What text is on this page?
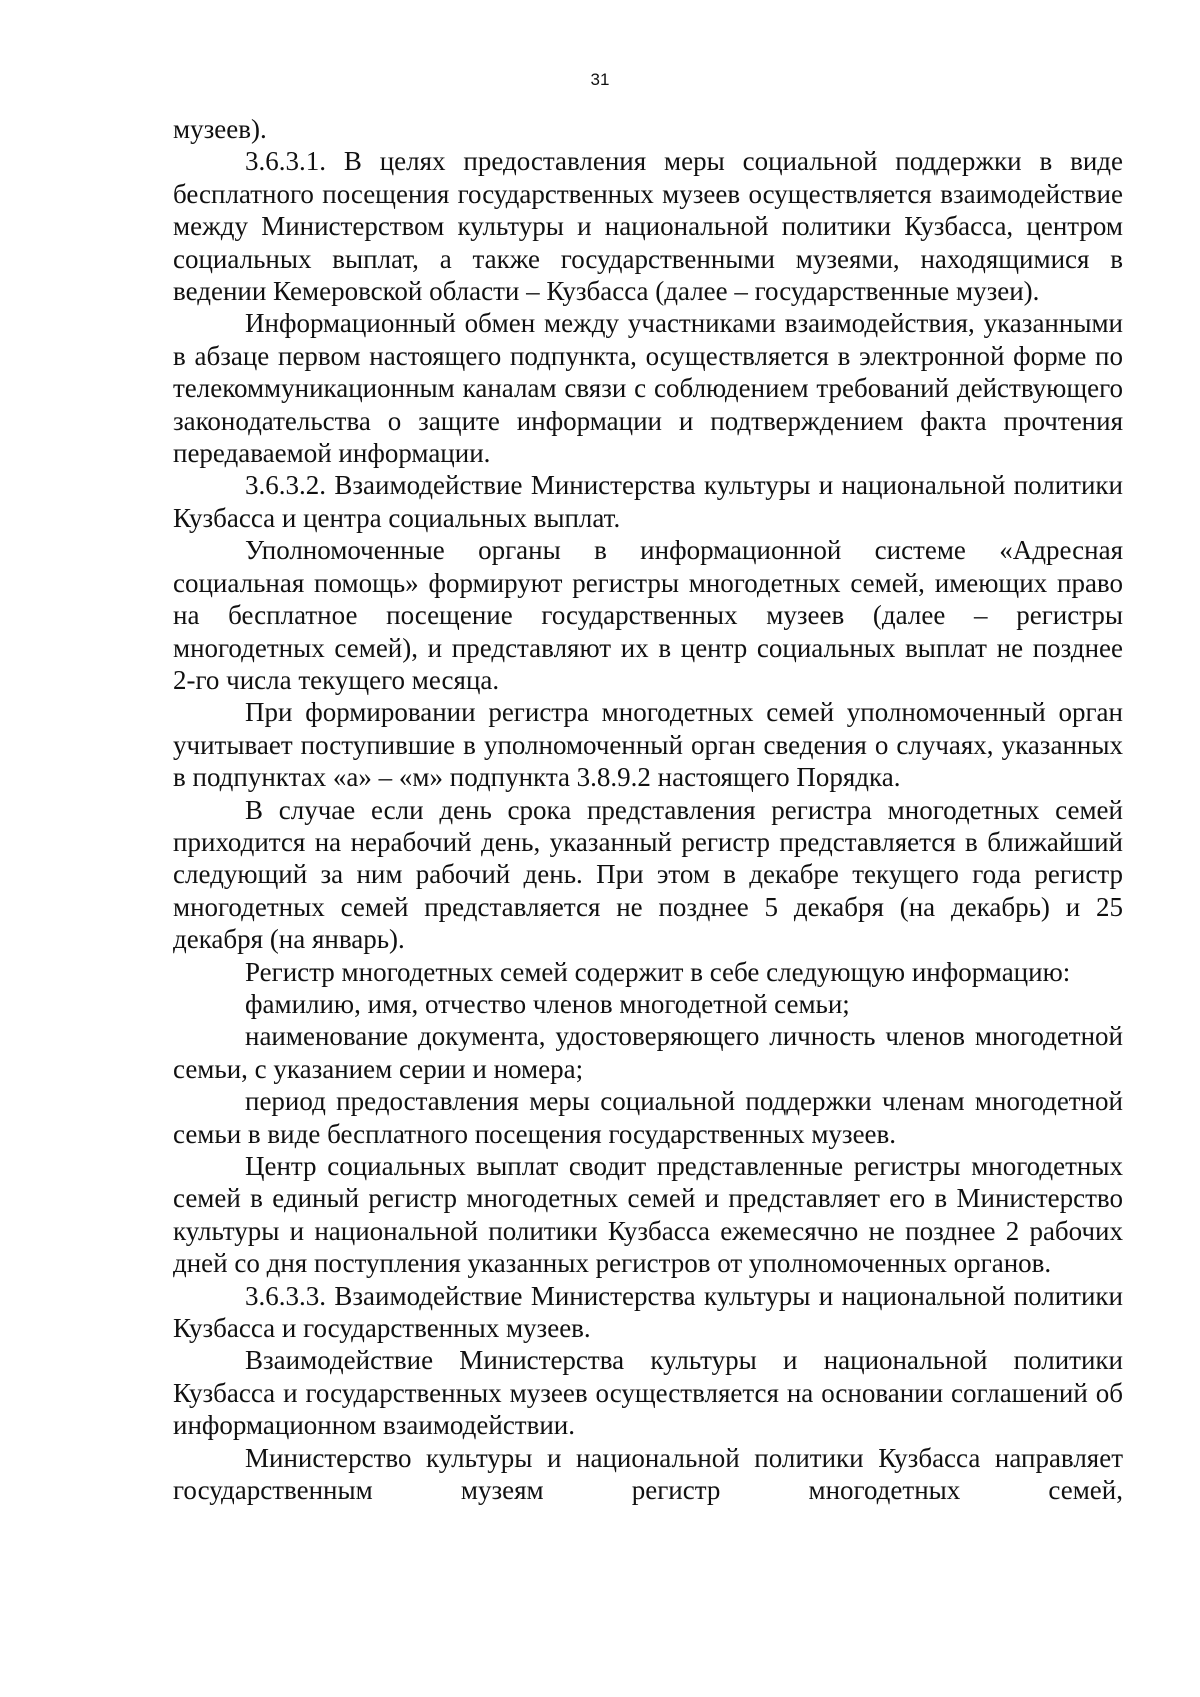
31

музеев).

3.6.3.1. В целях предоставления меры социальной поддержки в виде бесплатного посещения государственных музеев осуществляется взаимодействие между Министерством культуры и национальной политики Кузбасса, центром социальных выплат, а также государственными музеями, находящимися в ведении Кемеровской области – Кузбасса (далее – государственные музеи).

Информационный обмен между участниками взаимодействия, указанными в абзаце первом настоящего подпункта, осуществляется в электронной форме по телекоммуникационным каналам связи с соблюдением требований действующего законодательства о защите информации и подтверждением факта прочтения передаваемой информации.

3.6.3.2. Взаимодействие Министерства культуры и национальной политики Кузбасса и центра социальных выплат.

Уполномоченные органы в информационной системе «Адресная социальная помощь» формируют регистры многодетных семей, имеющих право на бесплатное посещение государственных музеев (далее – регистры многодетных семей), и представляют их в центр социальных выплат не позднее 2-го числа текущего месяца.

При формировании регистра многодетных семей уполномоченный орган учитывает поступившие в уполномоченный орган сведения о случаях, указанных в подпунктах «а» – «м» подпункта 3.8.9.2 настоящего Порядка.

В случае если день срока представления регистра многодетных семей приходится на нерабочий день, указанный регистр представляется в ближайший следующий за ним рабочий день. При этом в декабре текущего года регистр многодетных семей представляется не позднее 5 декабря (на декабрь) и 25 декабря (на январь).

Регистр многодетных семей содержит в себе следующую информацию:

фамилию, имя, отчество членов многодетной семьи;

наименование документа, удостоверяющего личность членов многодетной семьи, с указанием серии и номера;

период предоставления меры социальной поддержки членам многодетной семьи в виде бесплатного посещения государственных музеев.

Центр социальных выплат сводит представленные регистры многодетных семей в единый регистр многодетных семей и представляет его в Министерство культуры и национальной политики Кузбасса ежемесячно не позднее 2 рабочих дней со дня поступления указанных регистров от уполномоченных органов.

3.6.3.3. Взаимодействие Министерства культуры и национальной политики Кузбасса и государственных музеев.

Взаимодействие Министерства культуры и национальной политики Кузбасса и государственных музеев осуществляется на основании соглашений об информационном взаимодействии.

Министерство культуры и национальной политики Кузбасса направляет государственным музеям регистр многодетных семей,
